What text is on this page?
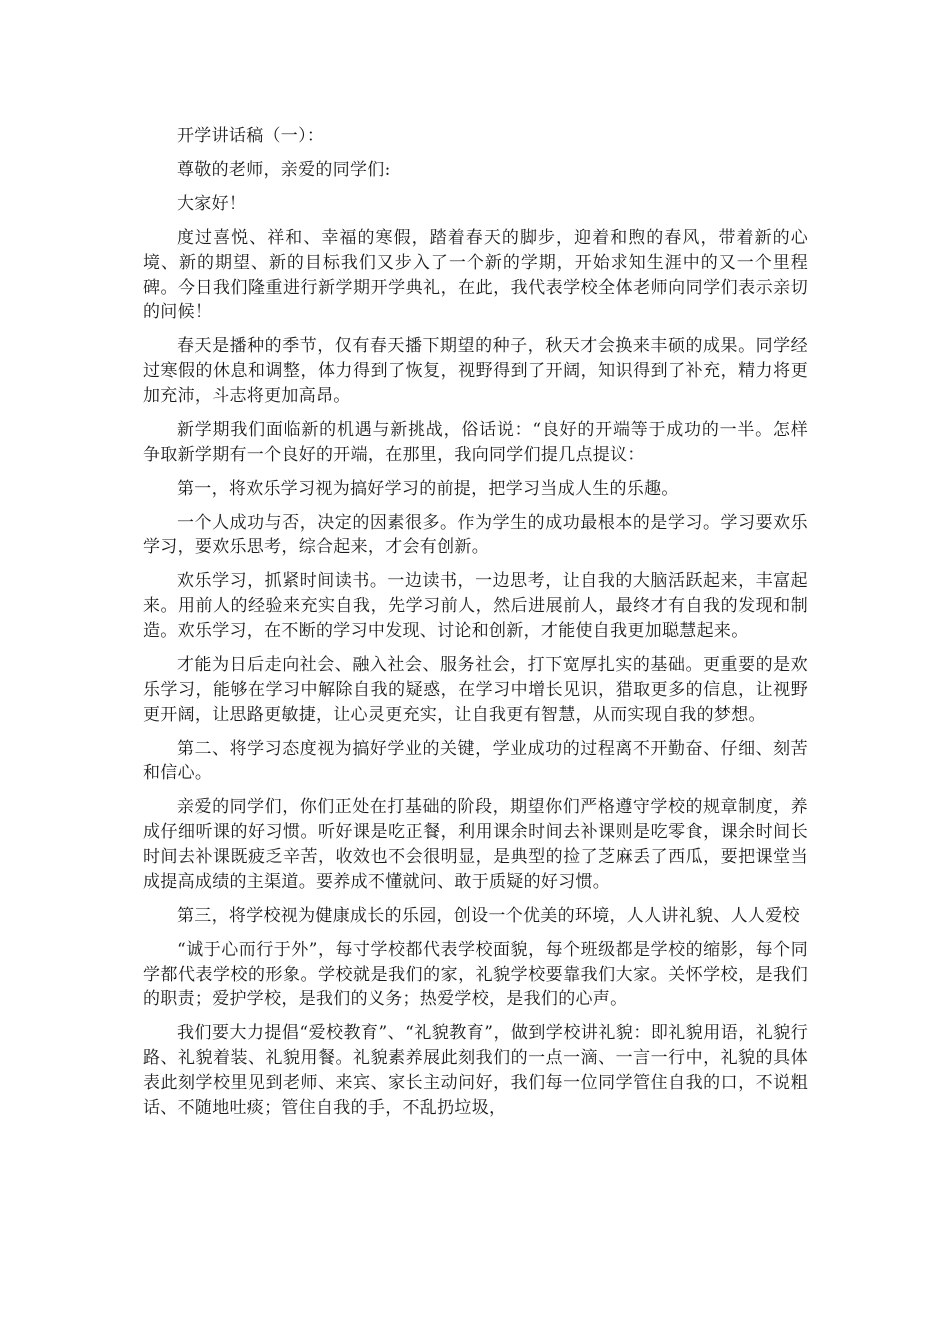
开学讲话稿（一）：

尊敬的老师，亲爱的同学们:

大家好！

度过喜悦、祥和、幸福的寒假，踏着春天的脚步，迎着和煦的春风，带着新的心境、新的期望、新的目标我们又步入了一个新的学期，开始求知生涯中的又一个里程碑。今日我们隆重进行新学期开学典礼，在此，我代表学校全体老师向同学们表示亲切的问候！

春天是播种的季节，仅有春天播下期望的种子，秋天才会换来丰硕的成果。同学经过寒假的休息和调整，体力得到了恢复，视野得到了开阔，知识得到了补充，精力将更加充沛，斗志将更加高昂。

新学期我们面临新的机遇与新挑战，俗话说：“良好的开端等于成功的一半。怎样争取新学期有一个良好的开端，在那里，我向同学们提几点提议：

第一，将欢乐学习视为搞好学习的前提，把学习当成人生的乐趣。

一个人成功与否，决定的因素很多。作为学生的成功最根本的是学习。学习要欢乐学习，要欢乐思考，综合起来，才会有创新。

欢乐学习，抓紧时间读书。一边读书，一边思考，让自我的大脑活跃起来，丰富起来。用前人的经验来充实自我，先学习前人，然后进展前人，最终才有自我的发现和制造。欢乐学习，在不断的学习中发现、讨论和创新，才能使自我更加聪慧起来。

才能为日后走向社会、融入社会、服务社会，打下宽厚扎实的基础。更重要的是欢乐学习，能够在学习中解除自我的疑惑，在学习中增长见识，猎取更多的信息，让视野更开阔，让思路更敏捷，让心灵更充实，让自我更有智慧，从而实现自我的梦想。

第二、将学习态度视为搞好学业的关键，学业成功的过程离不开勤奋、仔细、刻苦和信心。

亲爱的同学们，你们正处在打基础的阶段，期望你们严格遵守学校的规章制度，养成仔细听课的好习惯。听好课是吃正餐，利用课余时间去补课则是吃零食，课余时间长时间去补课既疲乏辛苦，收效也不会很明显，是典型的捡了芝麻丢了西瓜，要把课堂当成提高成绩的主渠道。要养成不懂就问、敢于质疑的好习惯。

第三，将学校视为健康成长的乐园，创设一个优美的环境，人人讲礼貌、人人爱校

“诚于心而行于外”，每寸学校都代表学校面貌，每个班级都是学校的缩影，每个同学都代表学校的形象。学校就是我们的家，礼貌学校要靠我们大家。关怀学校，是我们的职责；爱护学校，是我们的义务；热爱学校，是我们的心声。

我们要大力提倡“爱校教育”、“礼貌教育”，做到学校讲礼貌：即礼貌用语，礼貌行路、礼貌着装、礼貌用餐。礼貌素养展此刻我们的一点一滴、一言一行中，礼貌的具体表此刻学校里见到老师、来宾、家长主动问好，我们每一位同学管住自我的口，不说粗话、不随地吐痰；管住自我的手，不乱扔垃圾，
